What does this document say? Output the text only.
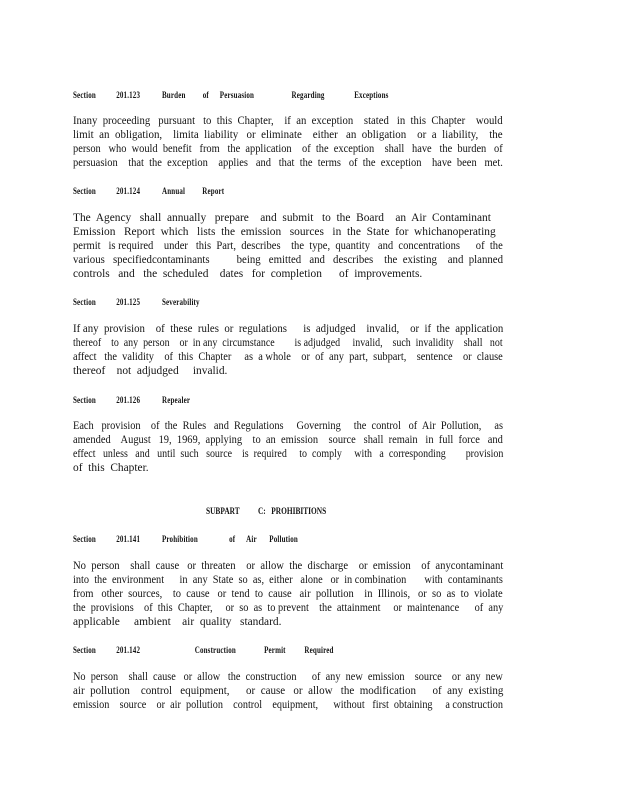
Section 201.123 Burden of Persuasion	Regarding	Exceptions
Inany  proceeding   pursuant   to  this  Chapter,    if  an  exception    stated   in  this  Chapter    would
limit  an  obligation,    limita  liability   or  eliminate    either   an  obligation    or  a  liability,    the
person   who  would  benefit   from   the  application    of  the  exception    shall   have   the  burden   of
persuasion    that  the  exception    applies   and   that  the  terms   of  the  exception    have  been   met.
Section 201.124 Annual Report
The  Agency   shall  annually   prepare    and  submit   to  the  Board    an  Air  Contaminant
Emission   Report  which   lists  the  emission   sources   in  the  State  for  whichanoperating
permit   is required    under   this  Part,  describes    the  type,  quantity   and  concentrations      of  the
various   specifiedcontaminants          being   emitted   and   describes    the  existing    and  planned
controls   and   the  scheduled    dates   for  completion      of  improvements.
Section 201.125 Severability
If any  provision    of  these  rules  or  regulations      is  adjudged    invalid,    or  if  the  application
thereof    to  any  person    or  in any  circumstance        is adjudged     invalid,    such  invalidity    shall   not
affect   the  validity    of  this  Chapter     as  a whole    or  of  any  part,  subpart,    sentence    or  clause
thereof    not  adjudged     invalid.
Section 201.126 Repealer
Each   provision    of  the  Rules   and  Regulations     Governing     the  control   of  Air  Pollution,     as
amended    August   19,  1969,  applying    to  an  emission    source   shall  remain   in  full  force   and
effect   unless   and   until  such   source    is  required     to  comply     with   a  corresponding        provision
of  this  Chapter.
SUBPART          C:   PROHIBITIONS
Section 201.141 Prohibition	of Air Pollution
No  person    shall  cause   or  threaten    or  allow  the  discharge    or  emission    of  anycontaminant
into  the  environment      in  any  State  so  as,  either   alone   or  in combination       with  contaminants
from   other  sources,    to  cause   or  tend  to  cause   air  pollution    in  Illinois,   or  so  as  to  violate
the  provisions    of  this  Chapter,     or  so  as  to prevent    the  attainment     or  maintenance      of  any
applicable     ambient    air  quality   standard.
Section 201.142	Construction	Permit Required
No  person    shall  cause   or  allow   the  construction      of  any  new  emission    source    or  any  new
air  pollution    control   equipment,      or  cause   or  allow   the  modification      of  any  existing
emission    source    or  air  pollution    control    equipment,      without   first  obtaining     a construction
